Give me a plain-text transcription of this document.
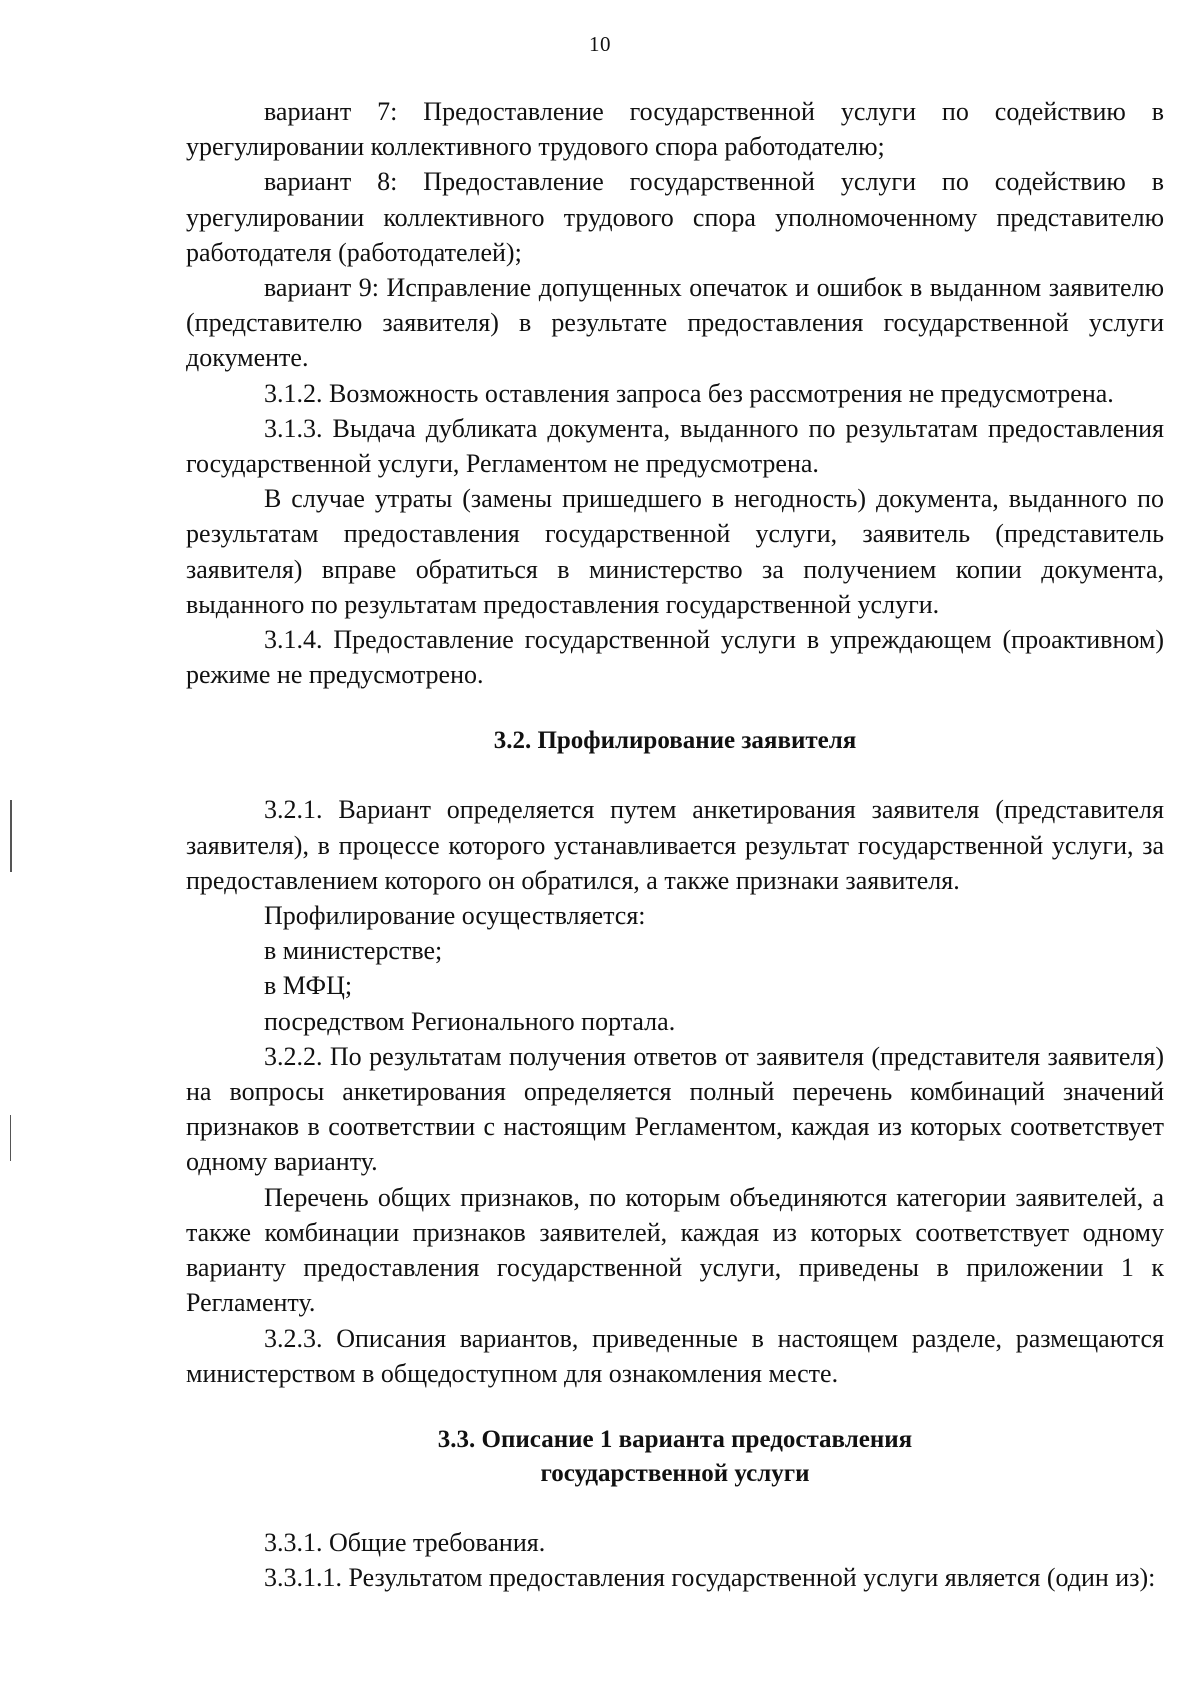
10

вариант 7: Предоставление государственной услуги по содействию в урегулировании коллективного трудового спора работодателю;

вариант 8: Предоставление государственной услуги по содействию в урегулировании коллективного трудового спора уполномоченному представителю работодателя (работодателей);

вариант 9: Исправление допущенных опечаток и ошибок в выданном заявителю (представителю заявителя) в результате предоставления государственной услуги документе.

3.1.2. Возможность оставления запроса без рассмотрения не предусмотрена.

3.1.3. Выдача дубликата документа, выданного по результатам предоставления государственной услуги, Регламентом не предусмотрена.

В случае утраты (замены пришедшего в негодность) документа, выданного по результатам предоставления государственной услуги, заявитель (представитель заявителя) вправе обратиться в министерство за получением копии документа, выданного по результатам предоставления государственной услуги.

3.1.4. Предоставление государственной услуги в упреждающем (проактивном) режиме не предусмотрено.

3.2. Профилирование заявителя

3.2.1. Вариант определяется путем анкетирования заявителя (представителя заявителя), в процессе которого устанавливается результат государственной услуги, за предоставлением которого он обратился, а также признаки заявителя.

Профилирование осуществляется:

в министерстве;

в МФЦ;

посредством Регионального портала.

3.2.2. По результатам получения ответов от заявителя (представителя заявителя) на вопросы анкетирования определяется полный перечень комбинаций значений признаков в соответствии с настоящим Регламентом, каждая из которых соответствует одному варианту.

Перечень общих признаков, по которым объединяются категории заявителей, а также комбинации признаков заявителей, каждая из которых соответствует одному варианту предоставления государственной услуги, приведены в приложении 1 к Регламенту.

3.2.3. Описания вариантов, приведенные в настоящем разделе, размещаются министерством в общедоступном для ознакомления месте.

3.3. Описание 1 варианта предоставления

государственной услуги

3.3.1. Общие требования.

3.3.1.1. Результатом предоставления государственной услуги является (один из):
